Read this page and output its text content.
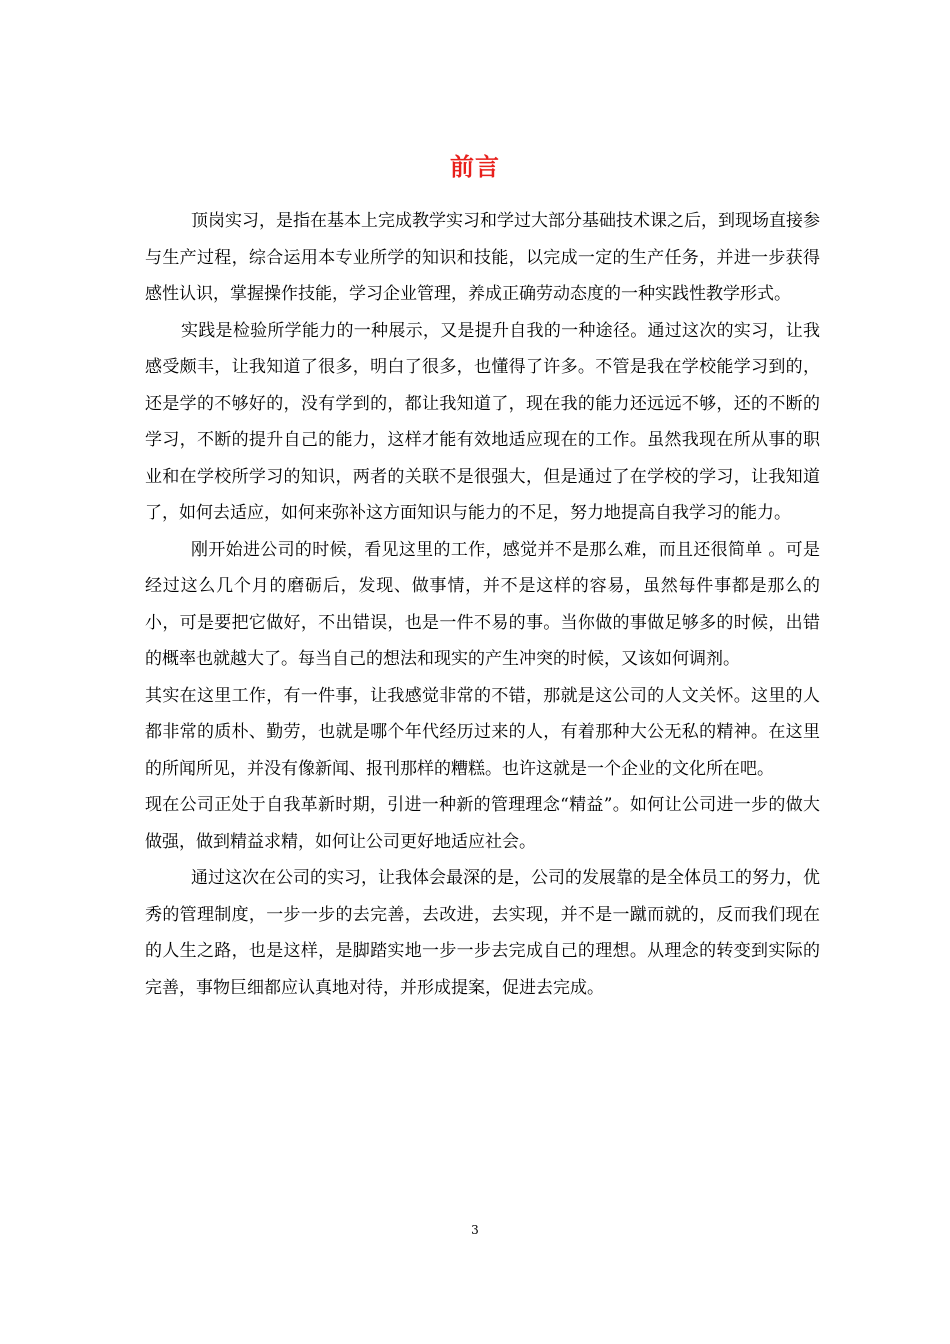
前言

顶岗实习，是指在基本上完成教学实习和学过大部分基础技术课之后，到现场直接参与生产过程，综合运用本专业所学的知识和技能，以完成一定的生产任务，并进一步获得感性认识，掌握操作技能，学习企业管理，养成正确劳动态度的一种实践性教学形式。

实践是检验所学能力的一种展示，又是提升自我的一种途径。通过这次的实习，让我感受颇丰，让我知道了很多，明白了很多，也懂得了许多。不管是我在学校能学习到的，还是学的不够好的，没有学到的，都让我知道了，现在我的能力还远远不够，还的不断的学习，不断的提升自己的能力，这样才能有效地适应现在的工作。虽然我现在所从事的职业和在学校所学习的知识，两者的关联不是很强大，但是通过了在学校的学习，让我知道了，如何去适应，如何来弥补这方面知识与能力的不足，努力地提高自我学习的能力。

刚开始进公司的时候，看见这里的工作，感觉并不是那么难，而且还很简单 。可是经过这么几个月的磨砺后，发现、做事情，并不是这样的容易，虽然每件事都是那么的小，可是要把它做好，不出错误，也是一件不易的事。当你做的事做足够多的时候，出错的概率也就越大了。每当自己的想法和现实的产生冲突的时候，又该如何调剂。

其实在这里工作，有一件事，让我感觉非常的不错，那就是这公司的人文关怀。这里的人都非常的质朴、勤劳，也就是哪个年代经历过来的人，有着那种大公无私的精神。在这里的所闻所见，并没有像新闻、报刊那样的糟糕。也许这就是一个企业的文化所在吧。

现在公司正处于自我革新时期，引进一种新的管理理念“精益”。如何让公司进一步的做大做强，做到精益求精，如何让公司更好地适应社会。

通过这次在公司的实习，让我体会最深的是，公司的发展靠的是全体员工的努力，优秀的管理制度，一步一步的去完善，去改进，去实现，并不是一蹴而就的，反而我们现在的人生之路，也是这样，是脚踏实地一步一步去完成自己的理想。从理念的转变到实际的完善，事物巨细都应认真地对待，并形成提案，促进去完成。

3
